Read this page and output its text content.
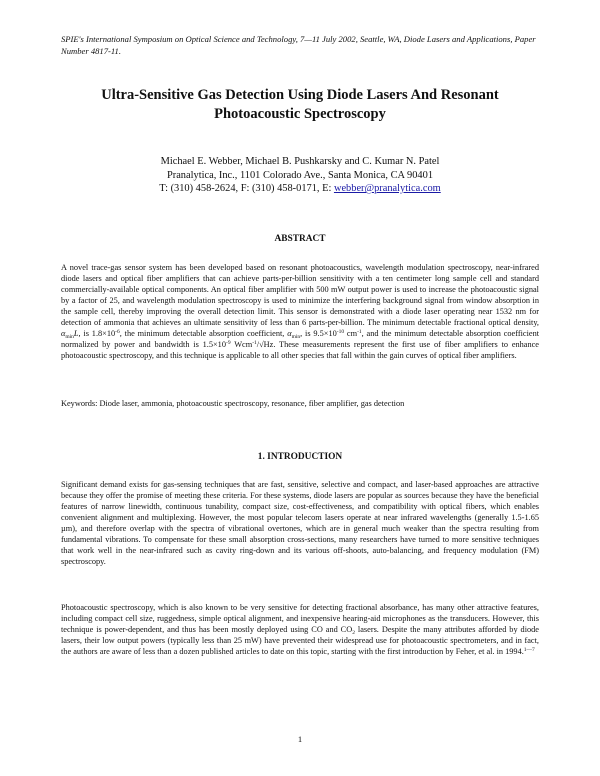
SPIE's International Symposium on Optical Science and Technology, 7—11 July 2002, Seattle, WA, Diode Lasers and Applications, Paper Number 4817-11.
Ultra-Sensitive Gas Detection Using Diode Lasers And Resonant
Photoacoustic Spectroscopy
Michael E. Webber, Michael B. Pushkarsky and C. Kumar N. Patel
Pranalytica, Inc., 1101 Colorado Ave., Santa Monica, CA 90401
T: (310) 458-2624, F: (310) 458-0171, E: webber@pranalytica.com
ABSTRACT
A novel trace-gas sensor system has been developed based on resonant photoacoustics, wavelength modulation spectroscopy, near-infrared diode lasers and optical fiber amplifiers that can achieve parts-per-billion sensitivity with a ten centimeter long sample cell and standard commercially-available optical components. An optical fiber amplifier with 500 mW output power is used to increase the photoacoustic signal by a factor of 25, and wavelength modulation spectroscopy is used to minimize the interfering background signal from window absorption in the sample cell, thereby improving the overall detection limit. This sensor is demonstrated with a diode laser operating near 1532 nm for detection of ammonia that achieves an ultimate sensitivity of less than 6 parts-per-billion. The minimum detectable fractional optical density, $\alpha_{min}L$, is $1.8\times 10^{-6}$, the minimum detectable absorption coefficient, $\alpha_{min}$, is $9.5\times 10^{-10}$ $cm^{-1}$, and the minimum detectable absorption coefficient normalized by power and bandwidth is $1.5\times 10^{-9}$ Wcm$^{-1}$/√Hz. These measurements represent the first use of fiber amplifiers to enhance photoacoustic spectroscopy, and this technique is applicable to all other species that fall within the gain curves of optical fiber amplifiers.
Keywords: Diode laser, ammonia, photoacoustic spectroscopy, resonance, fiber amplifier, gas detection
1. INTRODUCTION
Significant demand exists for gas-sensing techniques that are fast, sensitive, selective and compact, and laser-based approaches are attractive because they offer the promise of meeting these criteria. For these systems, diode lasers are popular as sources because they have the beneficial features of narrow linewidth, continuous tunability, compact size, cost-effectiveness, and compatibility with optical fibers, which enables convenient alignment and multiplexing. However, the most popular telecom lasers operate at near infrared wavelengths (generally 1.5-1.65 µm), and therefore overlap with the spectra of vibrational overtones, which are in general much weaker than the spectra resulting from fundamental vibrations. To compensate for these small absorption cross-sections, many researchers have turned to more sensitive techniques that work well in the near-infrared such as cavity ring-down and its various off-shoots, auto-balancing, and frequency modulation (FM) spectroscopy.
Photoacoustic spectroscopy, which is also known to be very sensitive for detecting fractional absorbance, has many other attractive features, including compact cell size, ruggedness, simple optical alignment, and inexpensive hearing-aid microphones as the transducers. However, this technique is power-dependent, and thus has been mostly deployed using CO and $CO_2$ lasers. Despite the many attributes afforded by diode lasers, their low output powers (typically less than 25 mW) have prevented their widespread use for photoacoustic spectrometers, and in fact, the authors are aware of less than a dozen published articles to date on this topic, starting with the first introduction by Feher, et al. in 1994.$^{1—7}$
1
